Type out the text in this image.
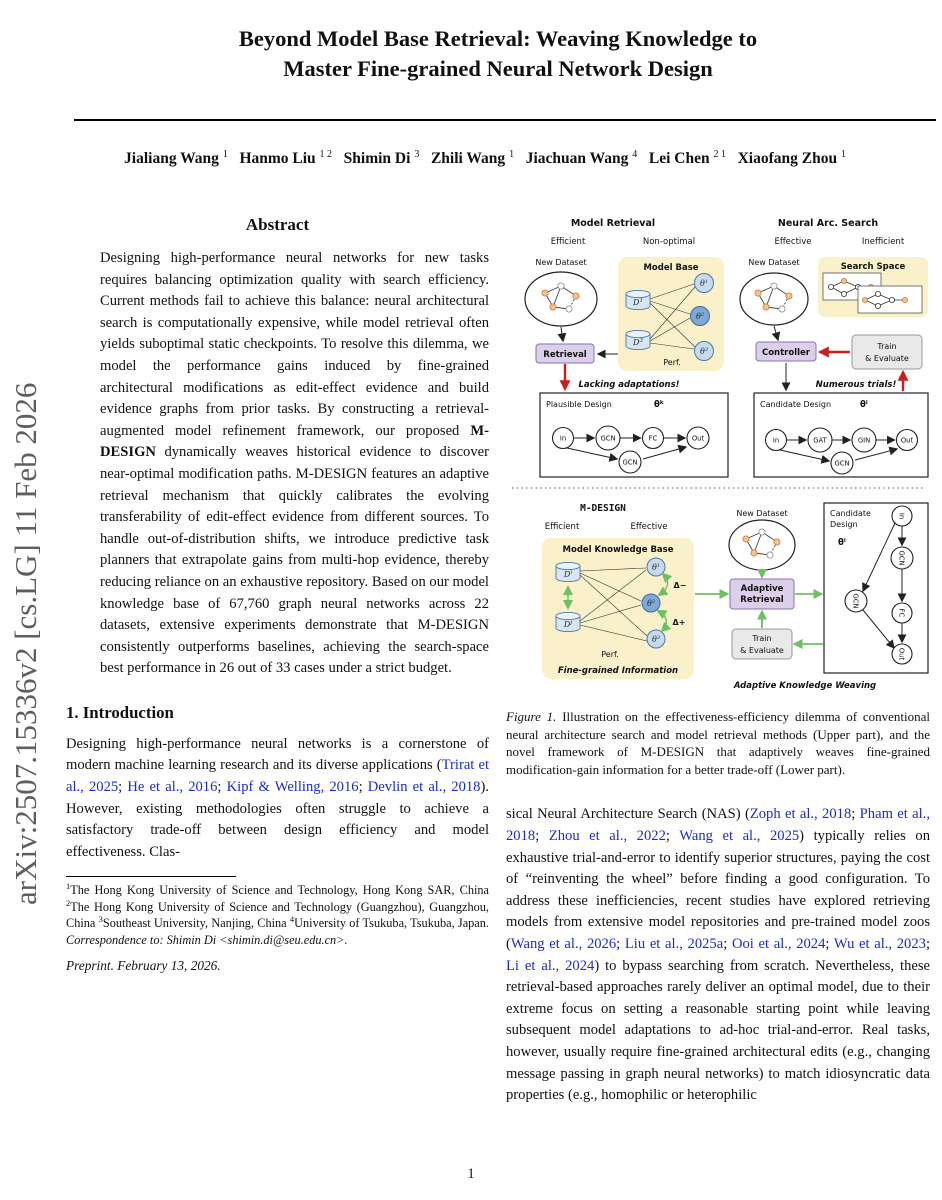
arXiv:2507.15336v2 [cs.LG] 11 Feb 2026
Beyond Model Base Retrieval: Weaving Knowledge to
Master Fine-grained Neural Network Design
Jialiang Wang $^1$ Hanmo Liu $^{1 2}$ Shimin Di $^3$ Zhili Wang $^1$ Jiachuan Wang $^4$ Lei Chen $^{2 1}$ Xiaofang Zhou $^1$
Abstract

Designing high-performance neural networks for new tasks requires balancing optimization quality with search efficiency. Current methods fail to achieve this balance: neural architectural search is computationally expensive, while model retrieval often yields suboptimal static checkpoints. To resolve this dilemma, we model the performance gains induced by fine-grained architectural modifications as edit-effect evidence and build evidence graphs from prior tasks. By constructing a retrieval-augmented model refinement framework, our proposed M-DESIGN dynamically weaves historical evidence to discover near-optimal modification paths. M-DESIGN features an adaptive retrieval mechanism that quickly calibrates the evolving transferability of edit-effect evidence from different sources. To handle out-of-distribution shifts, we introduce predictive task planners that extrapolate gains from multi-hop evidence, thereby reducing reliance on an exhaustive repository. Based on our model knowledge base of 67,760 graph neural networks across 22 datasets, extensive experiments demonstrate that M-DESIGN consistently outperforms baselines, achieving the search-space best performance in 26 out of 33 cases under a strict budget.

1. Introduction

Designing high-performance neural networks is a cornerstone of modern machine learning research and its diverse applications (Trirat et al., 2025; He et al., 2016; Kipf & Welling, 2016; Devlin et al., 2018). However, existing methodologies often struggle to achieve a satisfactory trade-off between design efficiency and model effectiveness. Clas-

$^1$The Hong Kong University of Science and Technology, Hong Kong SAR, China $^2$The Hong Kong University of Science and Technology (Guangzhou), Guangzhou, China $^3$Southeast University, Nanjing, China $^4$University of Tsukuba, Tsukuba, Japan. Correspondence to: Shimin Di <shimin.di@seu.edu.cn>.

Preprint. February 13, 2026.

Model Retrieval
Efficient	Non-optimal
New Dataset
Model Base
$D^1$
$D^3$
$\theta^1$
$\theta^2$
$\theta^3$
Perf.
Retrieval
Lacking adaptations!
Plausible Design	$\theta^k$
In	GCN	FC	Out
GCN
Neural Arc. Search
Effective	Inefficient
New Dataset	Search Space
Controller
Train
& Evaluate
Numerous trials!
Candidate Design	$\theta^i$
In	GAT	GIN	Out
GCN
M-DESIGN
Efficient	Effective
Model Knowledge Base
$D^i$
$D^j$
$\theta^1$
$\theta^2$
$\theta^3$
Δ−
Δ+
Perf.
Fine-grained Information
New Dataset
Adaptive
Retrieval
Train
& Evaluate
Adaptive Knowledge Weaving
Candidate
Design
$\theta^i$
In
GCN
GCN
FC
Out
Figure 1. Illustration on the effectiveness-efficiency dilemma of conventional neural architecture search and model retrieval methods (Upper part), and the novel framework of M-DESIGN that adaptively weaves fine-grained modification-gain information for a better trade-off (Lower part).

sical Neural Architecture Search (NAS) (Zoph et al., 2018; Pham et al., 2018; Zhou et al., 2022; Wang et al., 2025) typically relies on exhaustive trial-and-error to identify superior structures, paying the cost of “reinventing the wheel” before finding a good configuration. To address these inefficiencies, recent studies have explored retrieving models from extensive model repositories and pre-trained model zoos (Wang et al., 2026; Liu et al., 2025a; Ooi et al., 2024; Wu et al., 2023; Li et al., 2024) to bypass searching from scratch. Nevertheless, these retrieval-based approaches rarely deliver an optimal model, due to their extreme focus on setting a reasonable starting point while leaving subsequent model adaptations to ad-hoc trial-and-error. Real tasks, however, usually require fine-grained architectural edits (e.g., changing message passing in graph neural networks) to match idiosyncratic data properties (e.g., homophilic or heterophilic

1
